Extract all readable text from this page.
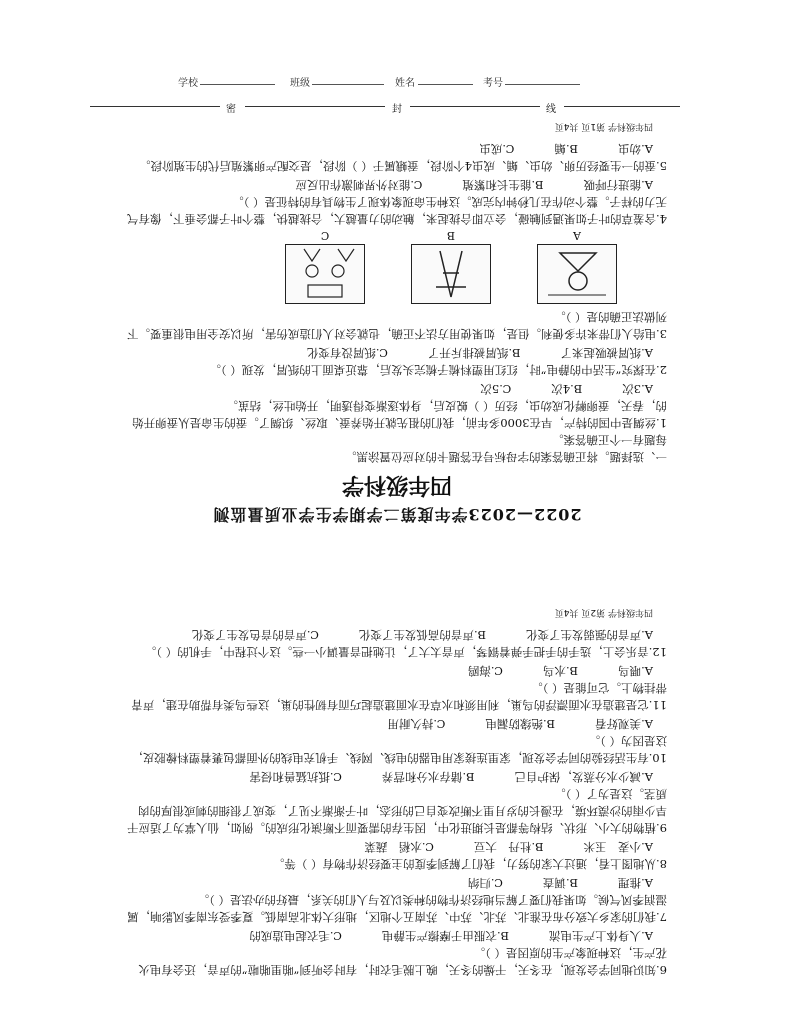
学校	班级	姓名	考号
密	封	线
2022—2023学年度第二学期学生学业质量监测
四年级科学

一、选择题。将正确答案的字母标号在答题卡的对应位置涂黑。

每题有一个正确答案。

1.丝绸是中国的特产，早在3000多年前，我们的祖先就开始养蚕、取丝、织绸了。蚕的生命是从蚕卵开始的，春天，蚕卵孵化成幼虫，经历（ ）蜕皮后，身体逐渐变得透明，开始吐丝，结茧。

A.3次
B.4次
C.5次

2.在探究“生活中的静电”时，红红用塑料梳子梳完头发后，靠近桌面上的纸屑，发现（ ）。

A.纸屑被吸起来了
B.纸屑被排斥开了
C.纸屑没有变化

3.电给人们带来许多便利。但是，如果使用方法不正确，也就会对人们造成伤害，所以安全用电很重要。下列做法正确的是（ ）。

A
B
C

4.含羞草的叶子如果遇到触碰，会立即合拢起来，触动的力量越大，合拢越快，整个叶子都会垂下，像有气无力的样子。整个动作在几秒钟内完成。这种生命现象体现了生物具有的特征是（ ）。

A.能进行呼吸
B.能生长和繁殖
C.能对外界刺激作出反应

5.蚕的一生要经历卵、幼虫、蛹、成虫4个阶段，蚕蛾属于（ ）阶段，是交配产卵繁殖后代的生殖阶段。

A.幼虫
B.蛹
C.成虫
四年级科学 第1页 共4页

6.知识地同学会发现，在冬天，干燥的冬天，晚上脱毛衣时，有时会听到“啪里啪啦”的声音，还会有电火花产生，这种现象产生的原因是（ ）。

A.人身体上产生电流
B.衣服由于摩擦产生静电
C.毛衣起电造成的

7.我们的家乡大致分布在淮北、苏北、苏中、苏南五个地区，地形大体北高南低。夏季受东南季风影响，属湿润季风气候。如果我们要了解当地经济作物的种类以及与人们的关系，最好的办法是（ ）。

A.推理
B.调查
C.归纳

8.从地图上看，通过大家的努力，我们了解到季度的主要经济作物有（ ）等。

A.小麦　玉米
B.杜丹　大豆
C.水稻　蔬菜

9.植物的大小、形状、结构等都是长期进化中，因生存的需要而不断演化形成的。例如，仙人掌为了适应干旱少雨的沙漠环境，在漫长的岁月里不断改变自己的形态，叶子渐渐不见了，变成了很细的刺或很厚的肉质茎。这是为了（ ）。

A.减少水分蒸发，保护自己
B.储存水分和营养
C.抵抗猛兽和侵害

10.有生活经验的同学会发现，家里连接家用电器的电线、网线、手机充电线的外面都包裹着塑料橡胶皮，这是因为（ ）。

A.美观好看
B.绝缘防漏电
C.持久耐用

11.它是建造在水面漂浮的鸟巢，利用须和水草在水面建造起巧而有韧性的巢，这些鸟类有帮助在建，声青带挂物上。它可能是（ ）。

A.喂鸟
B.水鸟
C.海鸥

12.音乐会上，选手的手把手弹着钢琴，声音太大了，让她把音量调小一些。这个过程中，手机的（ ）。

A.声音的强弱发生了变化
B.声音的高低发生了变化
C.声音的音色发生了变化
四年级科学 第2页 共4页
